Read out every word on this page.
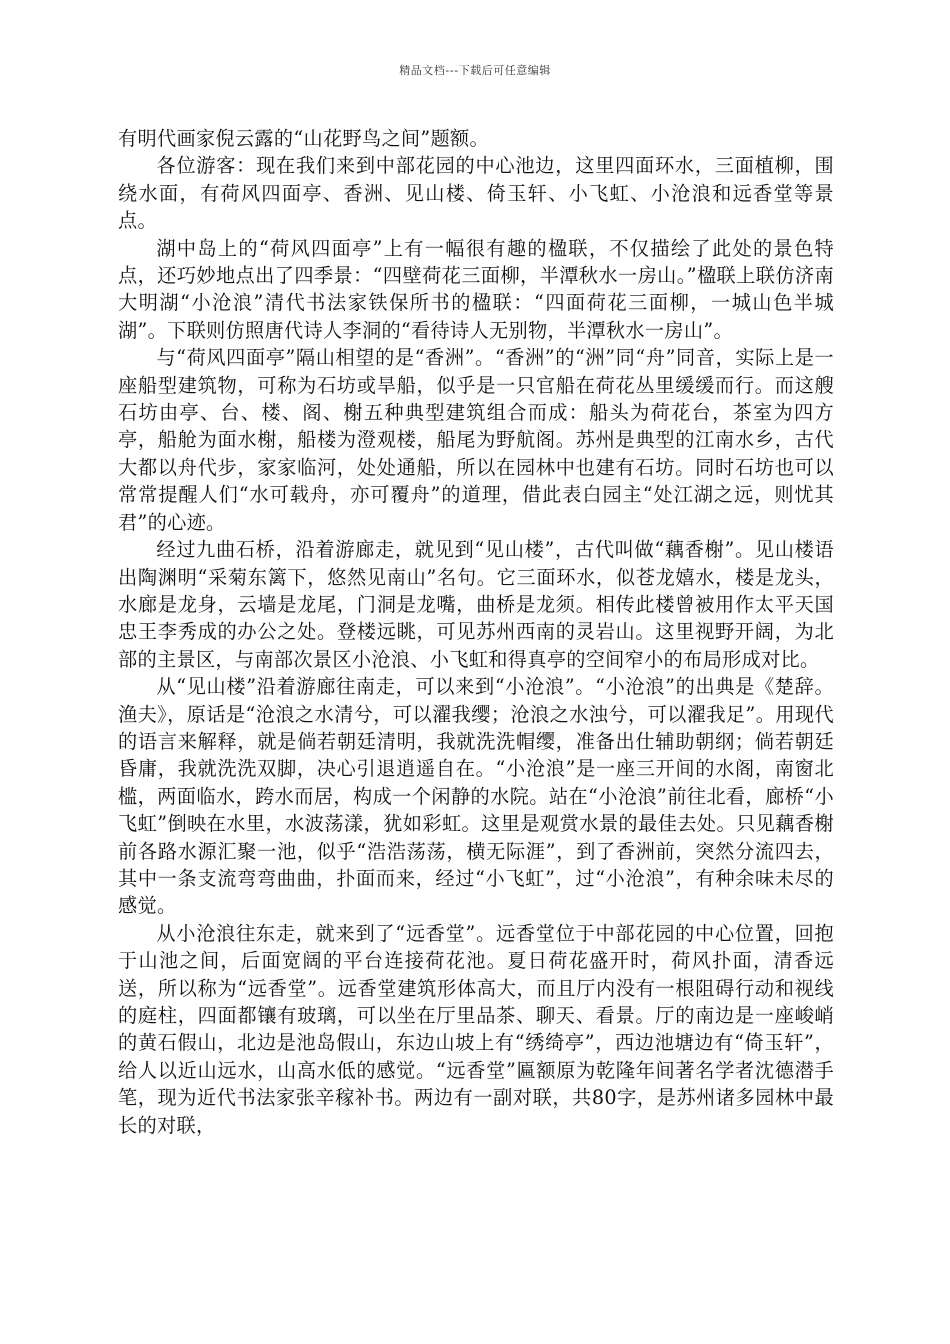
精品文档---下载后可任意编辑

有明代画家倪云露的“山花野鸟之间”题额。

各位游客：现在我们来到中部花园的中心池边，这里四面环水，三面植柳，围绕水面，有荷风四面亭、香洲、见山楼、倚玉轩、小飞虹、小沧浪和远香堂等景点。

湖中岛上的“荷风四面亭”上有一幅很有趣的楹联，不仅描绘了此处的景色特点，还巧妙地点出了四季景：“四壁荷花三面柳，半潭秋水一房山。”楹联上联仿济南大明湖“小沧浪”清代书法家铁保所书的楹联：“四面荷花三面柳，一城山色半城湖”。下联则仿照唐代诗人李洞的“看待诗人无别物，半潭秋水一房山”。

与“荷风四面亭”隔山相望的是“香洲”。“香洲”的“洲”同“舟”同音，实际上是一座船型建筑物，可称为石坊或旱船，似乎是一只官船在荷花丛里缓缓而行。而这艘石坊由亭、台、楼、阁、榭五种典型建筑组合而成：船头为荷花台，茶室为四方亭，船舱为面水榭，船楼为澄观楼，船尾为野航阁。苏州是典型的江南水乡，古代大都以舟代步，家家临河，处处通船，所以在园林中也建有石坊。同时石坊也可以常常提醒人们“水可载舟，亦可覆舟”的道理，借此表白园主“处江湖之远，则忧其君”的心迹。

经过九曲石桥，沿着游廊走，就见到“见山楼”，古代叫做“藕香榭”。见山楼语出陶渊明“采菊东篱下，悠然见南山”名句。它三面环水，似苍龙嬉水，楼是龙头，水廊是龙身，云墙是龙尾，门洞是龙嘴，曲桥是龙须。相传此楼曾被用作太平天国忠王李秀成的办公之处。登楼远眺，可见苏州西南的灵岩山。这里视野开阔，为北部的主景区，与南部次景区小沧浪、小飞虹和得真亭的空间窄小的布局形成对比。

从“见山楼”沿着游廊往南走，可以来到“小沧浪”。“小沧浪”的出典是《楚辞。渔夫》，原话是“沧浪之水清兮，可以濯我缨；沧浪之水浊兮，可以濯我足”。用现代的语言来解释，就是倘若朝廷清明，我就洗洗帽缨，准备出仕辅助朝纲；倘若朝廷昏庸，我就洗洗双脚，决心引退逍遥自在。“小沧浪”是一座三开间的水阁，南窗北槛，两面临水，跨水而居，构成一个闲静的水院。站在“小沧浪”前往北看，廊桥“小飞虹”倒映在水里，水波荡漾，犹如彩虹。这里是观赏水景的最佳去处。只见藕香榭前各路水源汇聚一池，似乎“浩浩荡荡，横无际涯”，到了香洲前，突然分流四去，其中一条支流弯弯曲曲，扑面而来，经过“小飞虹”，过“小沧浪”，有种余味未尽的感觉。

从小沧浪往东走，就来到了“远香堂”。远香堂位于中部花园的中心位置，回抱于山池之间，后面宽阔的平台连接荷花池。夏日荷花盛开时，荷风扑面，清香远送，所以称为“远香堂”。远香堂建筑形体高大，而且厅内没有一根阻碍行动和视线的庭柱，四面都镶有玻璃，可以坐在厅里品茶、聊天、看景。厅的南边是一座峻峭的黄石假山，北边是池岛假山，东边山坡上有“绣绮亭”，西边池塘边有“倚玉轩”，给人以近山远水，山高水低的感觉。“远香堂”匾额原为乾隆年间著名学者沈德潜手笔，现为近代书法家张辛稼补书。两边有一副对联，共80字，是苏州诸多园林中最长的对联，
